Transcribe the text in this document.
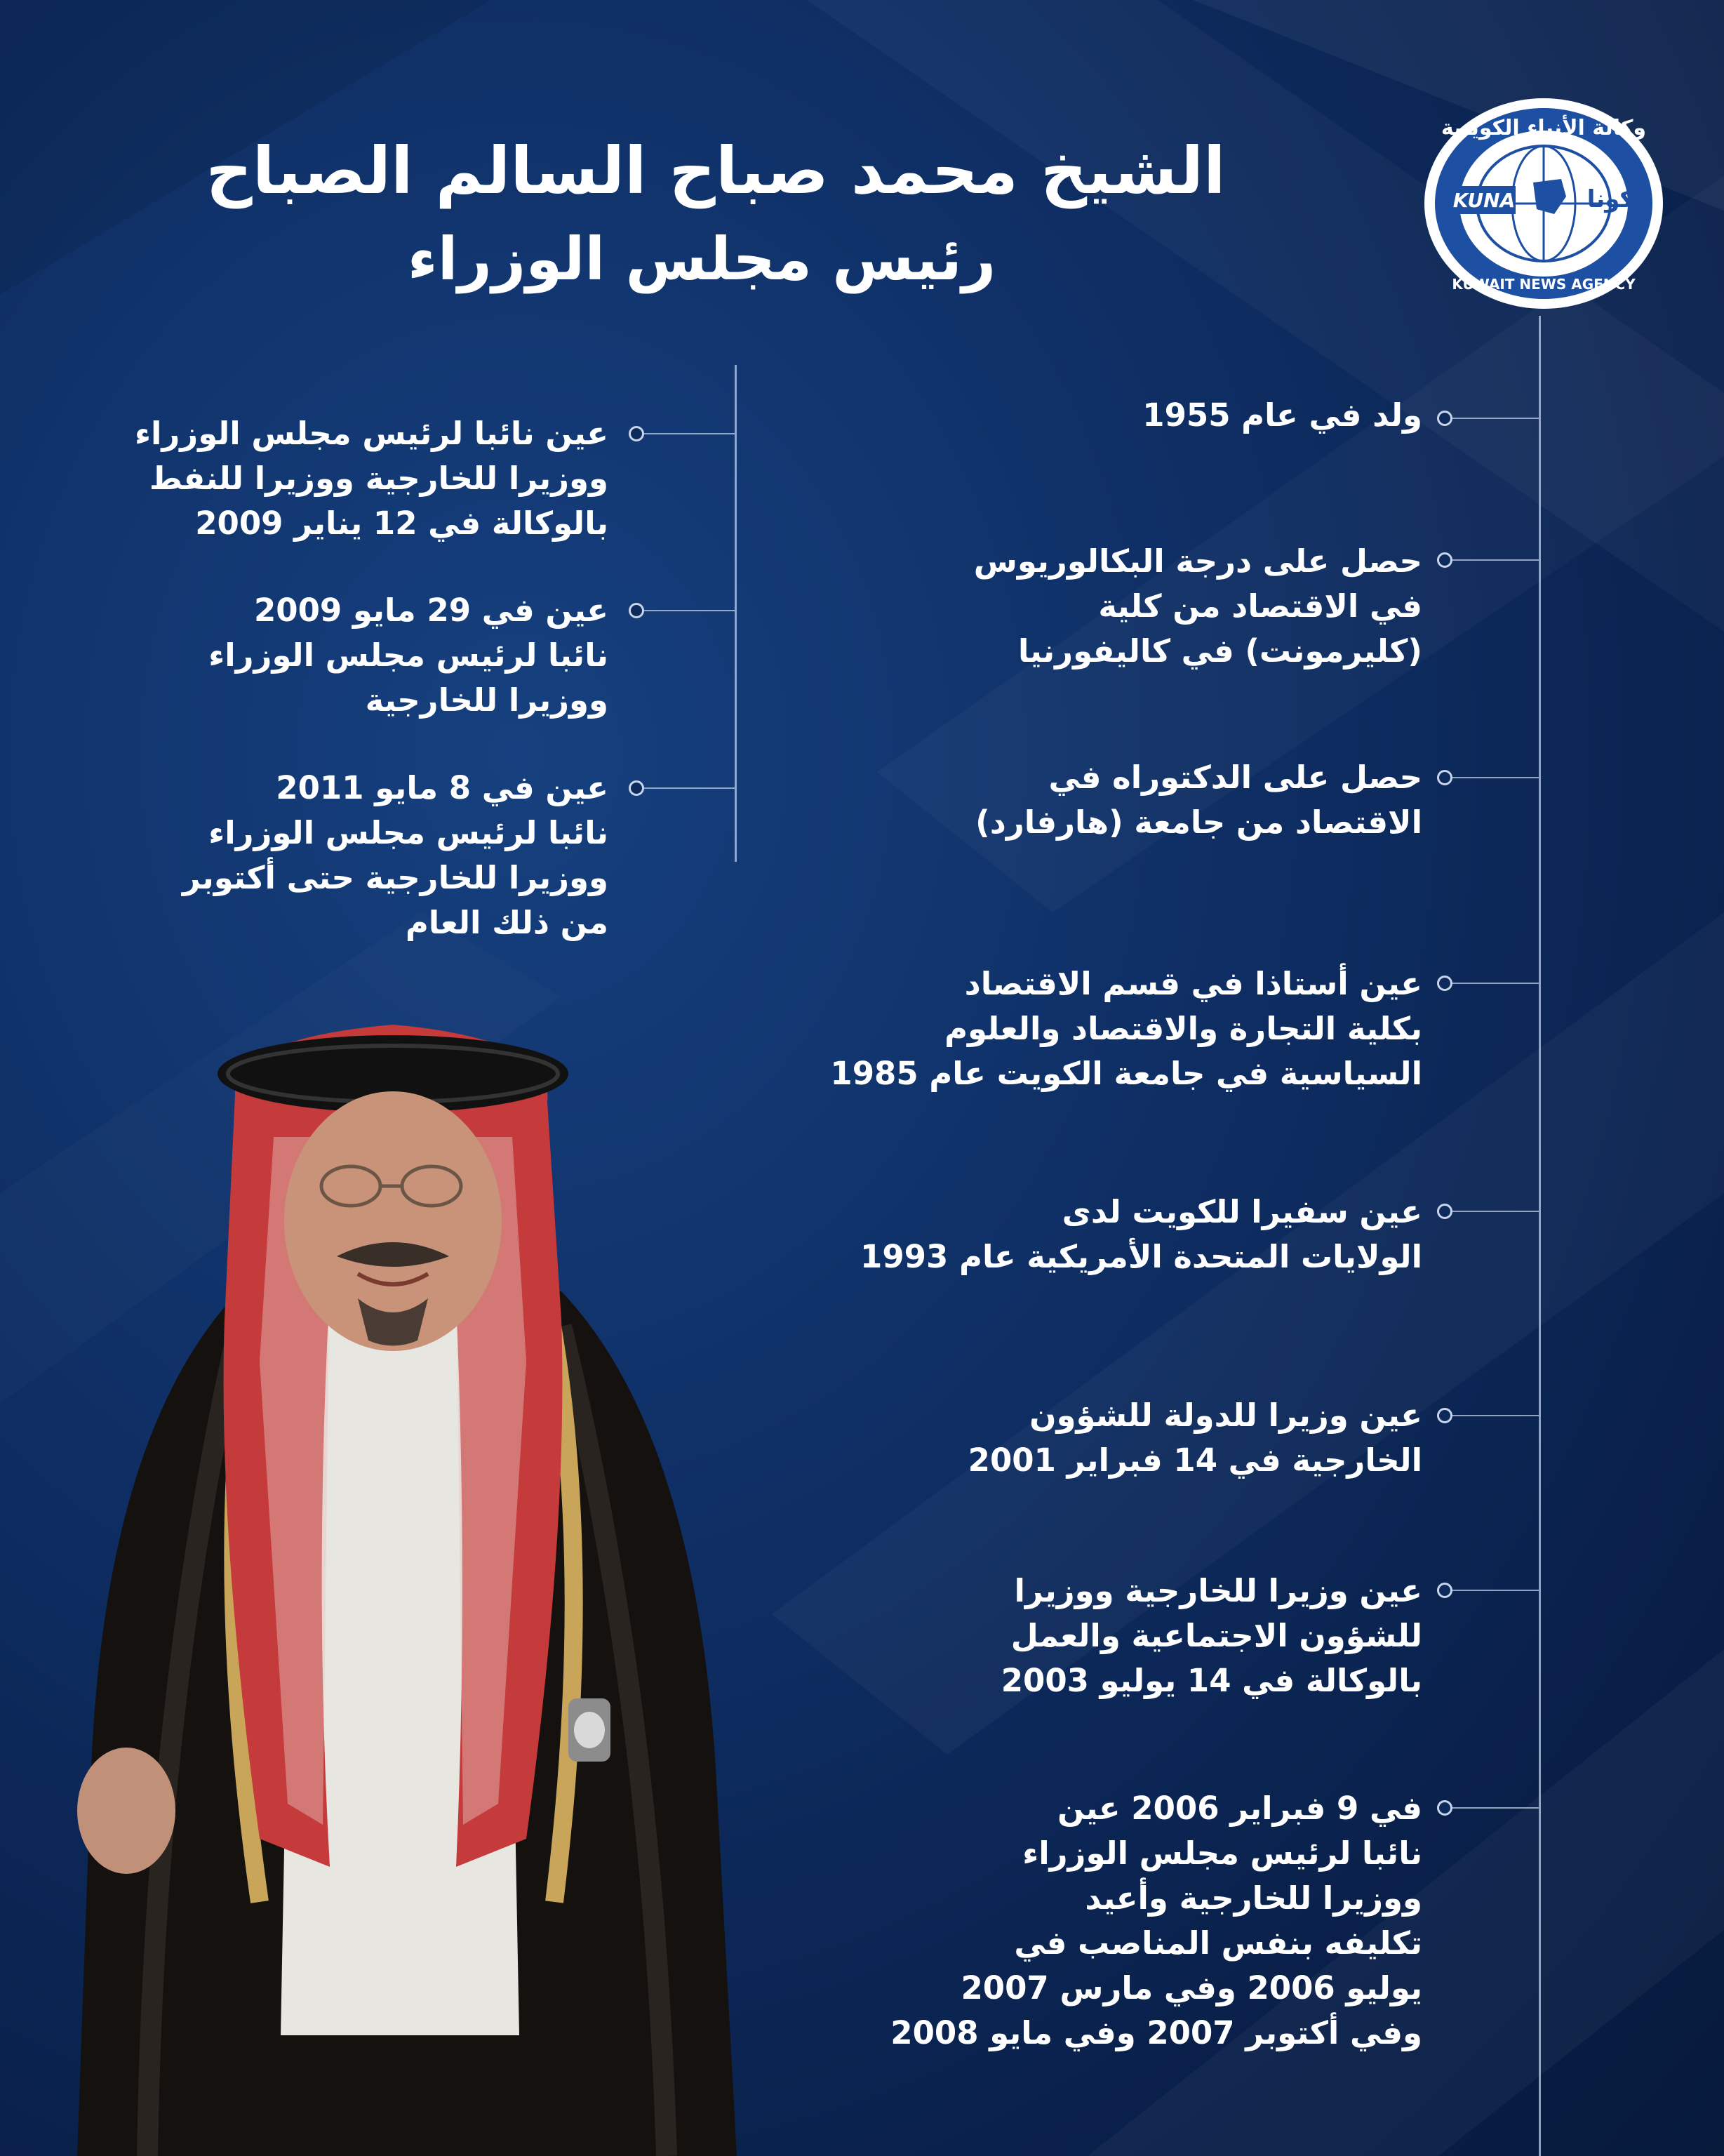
KUNA	كونا
وكالة الأنباء الكويتية
KUWAIT NEWS AGENCY
الشيخ محمد صباح السالم الصباح
رئيس مجلس الوزراء
ولد في عام 1955
حصل على درجة البكالوريوس
في الاقتصاد من كلية
(كليرمونت) في كاليفورنيا
حصل على الدكتوراه في
الاقتصاد من جامعة (هارفارد)
عين أستاذا في قسم الاقتصاد
بكلية التجارة والاقتصاد والعلوم
السياسية في جامعة الكويت عام 1985
عين سفيرا للكويت لدى
الولايات المتحدة الأمريكية عام 1993
عين وزيرا للدولة للشؤون
الخارجية في 14 فبراير 2001
عين وزيرا للخارجية ووزيرا
للشؤون الاجتماعية والعمل
بالوكالة في 14 يوليو 2003
في 9 فبراير 2006 عين
نائبا لرئيس مجلس الوزراء
ووزيرا للخارجية وأعيد
تكليفه بنفس المناصب في
يوليو 2006 وفي مارس 2007
وفي أكتوبر 2007 وفي مايو 2008
عين نائبا لرئيس مجلس الوزراء
ووزيرا للخارجية ووزيرا للنفط
بالوكالة في 12 يناير 2009
عين في 29 مايو 2009
نائبا لرئيس مجلس الوزراء
ووزيرا للخارجية
عين في 8 مايو 2011
نائبا لرئيس مجلس الوزراء
ووزيرا للخارجية حتى أكتوبر
من ذلك العام
